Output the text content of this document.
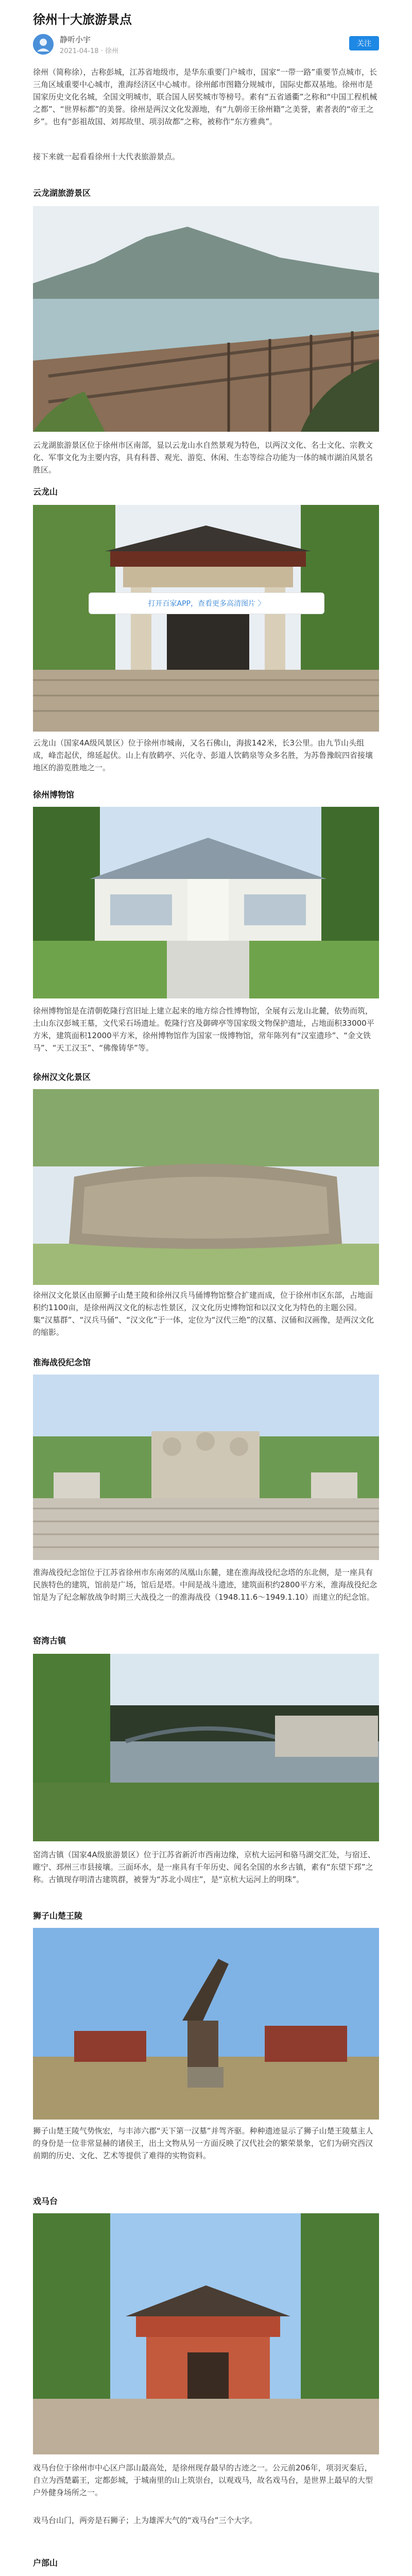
徐州十大旅游景点
静听小宇
2021-04-18 · 徐州
关注
徐州（简称徐），古称彭城，江苏省地级市，是华东重要门户城市，国家“一带一路”重要节点城市，长三角区域重要中心城市，淮海经济区中心城市。徐州邮市图籍分规城市，国际史都双基地。徐州市是国家历史文化名城，全国文明城市，联合国人居奖城市等榜号。素有“五省通衢”之称和“中国工程机械之都”、“世界标都”的美誉。徐州是两汉文化发源地，有“九朝帝王徐州籍”之美誉，素者表的“帝王之乡”。也有“彭祖故国、刘邦故里、项羽故都”之称，被称作“东方雅典”。
接下来就一起看看徐州十大代表旅游景点。
云龙湖旅游景区
云龙湖旅游景区位于徐州市区南部，显以云龙山水自然景观为特色，以两汉文化、名士文化、宗教文化、军事文化为主要内容，具有科普、观光、游览、休闲、生态等综合功能为一体的城市湖泊风景名胜区。
云龙山
云龙山（国家4A级风景区）位于徐州市城南，又名石佛山，海拔142米，长3公里。由九节山头组成，峰峦起伏，绵延起伏。山上有放鹤亭、兴化寺、彭道人饮鹤泉等众多名胜，为苏鲁豫皖四省接壤地区的游览胜地之一。
徐州博物馆
打开百家APP，查看更多高清图片 〉
徐州博物馆是在清朝乾隆行宫旧址上建立起来的地方综合性博物馆，全展有云龙山北麓，依势而筑，土山东汉彭城王墓，文代采石场遗址。乾隆行宫及御碑亭等国家级文物保护遗址，占地面积33000平方米，建筑面积12000平方米，徐州博物馆作为国家一级博物馆，常年陈列有“汉室遗珍”、“金文铁马”、“天工汉玉”、“佛像铸华”等。
徐州汉文化景区
徐州汉文化景区由原狮子山楚王陵和徐州汉兵马俑博物馆整合扩建而成，位于徐州市区东部，占地面积约1100亩，是徐州两汉文化的标志性景区，汉文化历史博物馆和以汉文化为特色的主题公园。集“汉墓群”、“汉兵马俑”、“汉文化”于一体，定位为“汉代三绝”的汉墓、汉俑和汉画像，是两汉文化的缩影。
淮海战役纪念馆
淮海战役纪念馆位于江苏省徐州市东南郊的凤凰山东麓，建在淮海战役纪念塔的东北侧，是一座具有民族特色的建筑，馆前是广场，馆后是塔。中间是战斗遗迹，建筑面积约2800平方米，淮海战役纪念馆是为了纪念解放战争时期三大战役之一的淮海战役（1948.11.6～1949.1.10）而建立的纪念馆。
窑湾古镇
窑湾古镇（国家4A级旅游景区）位于江苏省新沂市西南边缘，京杭大运河和骆马湖交汇处，与宿迁、睢宁、邳州三市县接壤。三面环水，是一座具有千年历史、闻名全国的水乡古镇，素有“东望下邳”之称。古镇现存明清古建筑群，被誉为“苏北小周庄”，是“京杭大运河上的明珠”。
狮子山楚王陵
狮子山楚王陵气势恢宏，与丰沛六郡“天下第一汉墓”并驾齐驱。种种遗迹显示了狮子山楚王陵墓主人的身份是一位非常显赫的诸侯王，出土文物从另一方面反映了汉代社会的繁荣景象，它们为研究西汉前期的历史、文化、艺术等提供了难得的实物资料。
戏马台
戏马台位于徐州市中心区户部山最高处，是徐州现存最早的古迹之一。公元前206年，项羽灭秦后，自立为西楚霸王，定都彭城，于城南里的山上筑崇台，以观戏马，故名戏马台，是世界上最早的大型户外健身场所之一。
戏马台山门，两旁是石狮子；上为雄浑大气的“戏马台”三个大字。
户部山
